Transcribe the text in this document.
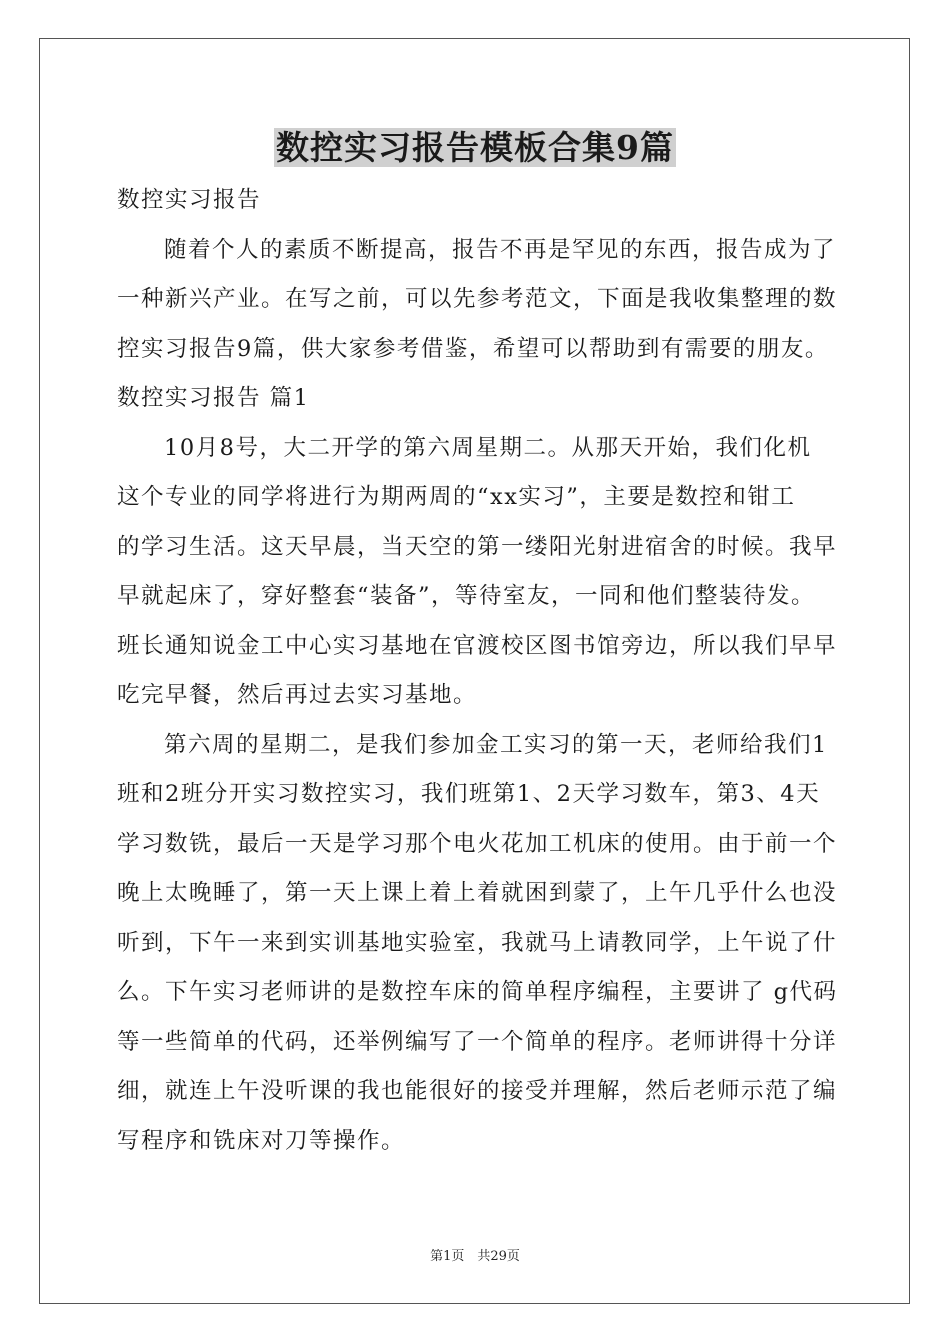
数控实习报告模板合集9篇
数控实习报告
随着个人的素质不断提高，报告不再是罕见的东西，报告成为了
一种新兴产业。在写之前，可以先参考范文，下面是我收集整理的数
控实习报告9篇，供大家参考借鉴，希望可以帮助到有需要的朋友。
数控实习报告 篇1
10月8号，大二开学的第六周星期二。从那天开始，我们化机
这个专业的同学将进行为期两周的“xx实习”，主要是数控和钳工
的学习生活。这天早晨，当天空的第一缕阳光射进宿舍的时候。我早
早就起床了，穿好整套“装备”，等待室友，一同和他们整装待发。
班长通知说金工中心实习基地在官渡校区图书馆旁边，所以我们早早
吃完早餐，然后再过去实习基地。
第六周的星期二，是我们参加金工实习的第一天，老师给我们1
班和2班分开实习数控实习，我们班第1、2天学习数车，第3、4天
学习数铣，最后一天是学习那个电火花加工机床的使用。由于前一个
晚上太晚睡了，第一天上课上着上着就困到蒙了，上午几乎什么也没
听到，下午一来到实训基地实验室，我就马上请教同学，上午说了什
么。下午实习老师讲的是数控车床的简单程序编程，主要讲了 g代码
等一些简单的代码，还举例编写了一个简单的程序。老师讲得十分详
细，就连上午没听课的我也能很好的接受并理解，然后老师示范了编
写程序和铣床对刀等操作。
第1页　共29页
